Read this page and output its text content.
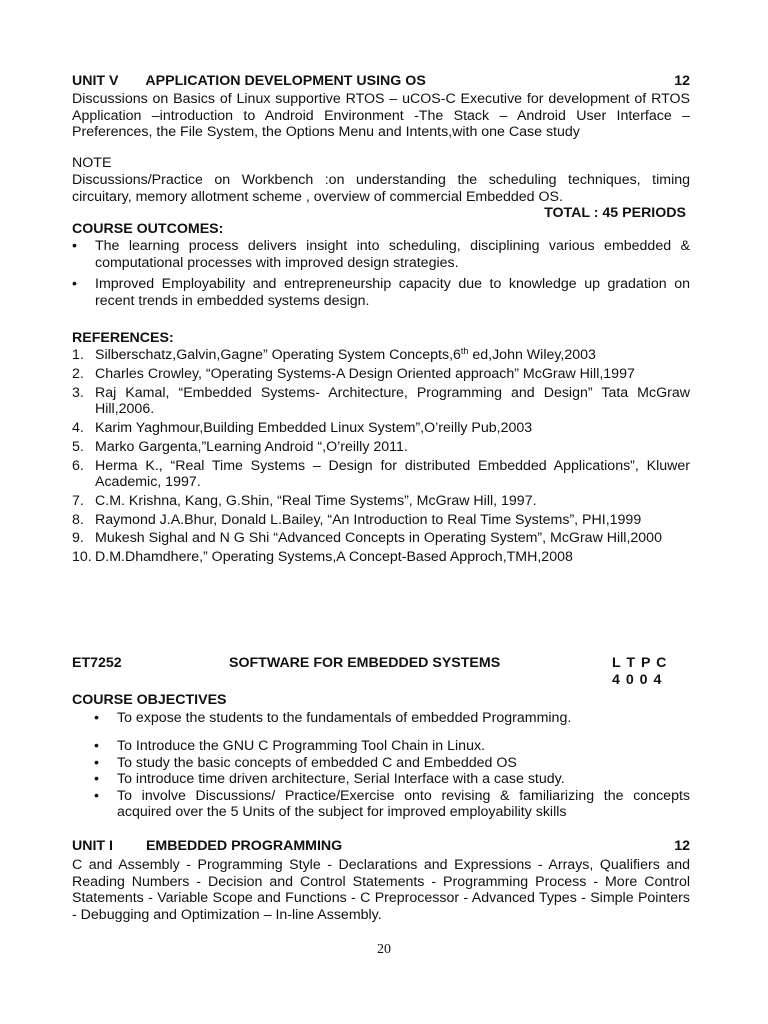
UNIT V APPLICATION DEVELOPMENT USING OS	12
Discussions on Basics of Linux supportive RTOS – uCOS-C Executive for development of RTOS Application –introduction to Android Environment -The Stack – Android User Interface – Preferences, the File System, the Options Menu and Intents,with one Case study
NOTE
Discussions/Practice on Workbench :on understanding the scheduling techniques, timing circuitary, memory allotment scheme , overview of commercial Embedded OS.
TOTAL : 45 PERIODS
COURSE OUTCOMES:
• The learning process delivers insight into scheduling, disciplining various embedded & computational processes with improved design strategies.
• Improved Employability and entrepreneurship capacity due to knowledge up gradation on recent trends in embedded systems design.
REFERENCES:
1. Silberschatz,Galvin,Gagne” Operating System Concepts,6th ed,John Wiley,2003
2. Charles Crowley, “Operating Systems-A Design Oriented approach” McGraw Hill,1997
3. Raj Kamal, “Embedded Systems- Architecture, Programming and Design” Tata McGraw Hill,2006.
4. Karim Yaghmour,Building Embedded Linux System”,O’reilly Pub,2003
5. Marko Gargenta,”Learning Android “,O’reilly 2011.
6. Herma K., “Real Time Systems – Design for distributed Embedded Applications”, Kluwer Academic, 1997.
7. C.M. Krishna, Kang, G.Shin, “Real Time Systems”, McGraw Hill, 1997.
8. Raymond J.A.Bhur, Donald L.Bailey, “An Introduction to Real Time Systems”, PHI,1999
9. Mukesh Sighal and N G Shi “Advanced Concepts in Operating System”, McGraw Hill,2000
10. D.M.Dhamdhere,” Operating Systems,A Concept-Based Approch,TMH,2008
ET7252	SOFTWARE FOR EMBEDDED SYSTEMS	L T P C
4 0 0 4
COURSE OBJECTIVES
•	To expose the students to the fundamentals of embedded Programming.
• To Introduce the GNU C Programming Tool Chain in Linux.
• To study the basic concepts of embedded C and Embedded OS
• To introduce time driven architecture, Serial Interface with a case study.
• To involve Discussions/ Practice/Exercise onto revising & familiarizing the concepts acquired over the 5 Units of the subject for improved employability skills
UNIT I EMBEDDED PROGRAMMING	12
C and Assembly - Programming Style - Declarations and Expressions - Arrays, Qualifiers and Reading Numbers - Decision and Control Statements - Programming Process - More Control Statements - Variable Scope and Functions - C Preprocessor - Advanced Types - Simple Pointers - Debugging and Optimization – In-line Assembly.
20
